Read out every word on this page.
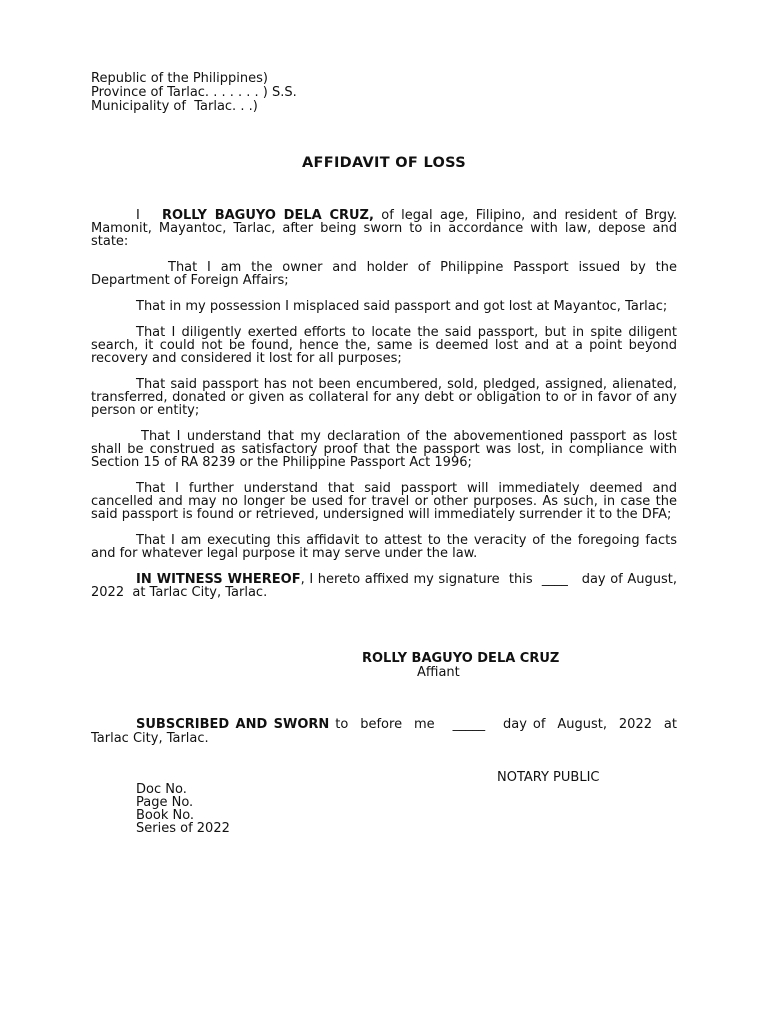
Republic of the Philippines)
Province of Tarlac. . . . . . . ) S.S.
Municipality of  Tarlac. . .)
AFFIDAVIT OF LOSS

I   ROLLY BAGUYO DELA CRUZ, of legal age, Filipino, and resident of Brgy. Mamonit, Mayantoc, Tarlac, after being sworn to in accordance with law, depose and state:

That I am the owner and holder of Philippine Passport issued by the Department of Foreign Affairs;

That in my possession I misplaced said passport and got lost at Mayantoc, Tarlac;

That I diligently exerted efforts to locate the said passport, but in spite diligent search, it could not be found, hence the, same is deemed lost and at a point beyond recovery and considered it lost for all purposes;

That said passport has not been encumbered, sold, pledged, assigned, alienated, transferred, donated or given as collateral for any debt or obligation to or in favor of any person or entity;

That I understand that my declaration of the abovementioned passport as lost shall be construed as satisfactory proof that the passport was lost, in compliance with Section 15 of RA 8239 or the Philippine Passport Act 1996;

That I further understand that said passport will immediately deemed and cancelled and may no longer be used for travel or other purposes. As such, in case the said passport is found or retrieved, undersigned will immediately surrender it to the DFA;

That I am executing this affidavit to attest to the veracity of the foregoing facts and for whatever legal purpose it may serve under the law.

IN WITNESS WHEREOF, I hereto affixed my signature  this  ____   day of August,  2022  at Tarlac City, Tarlac.

ROLLY BAGUYO DELA CRUZ
Affiant
SUBSCRIBED AND SWORN to  before  me   _____   day of  August,  2022  at Tarlac City, Tarlac.
NOTARY PUBLIC
Doc No.
Page No.
Book No.
Series of 2022
